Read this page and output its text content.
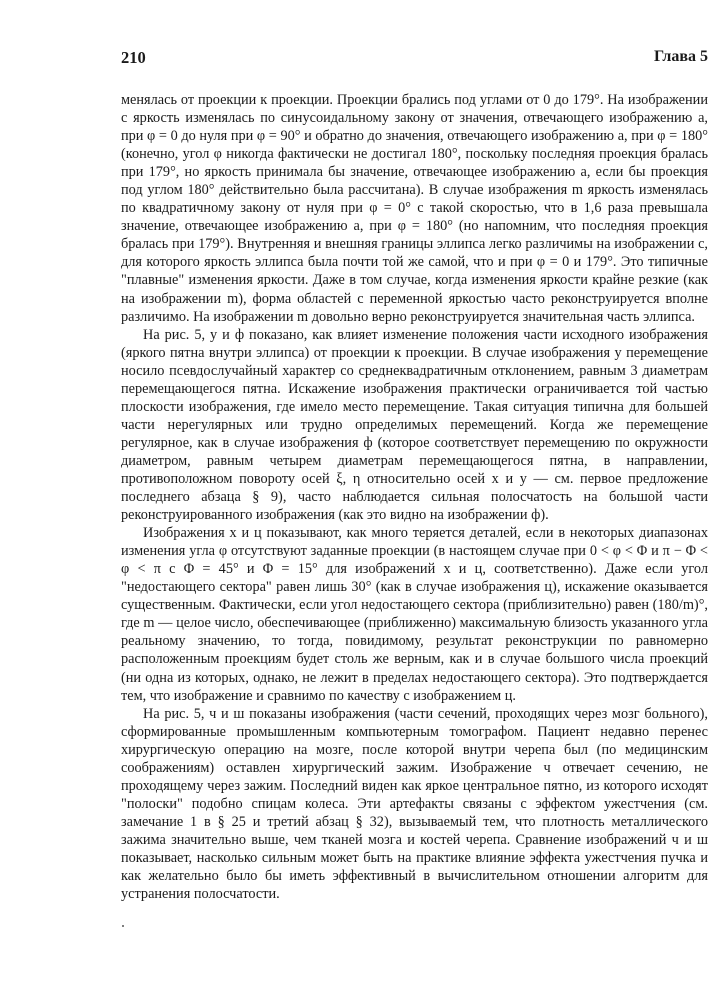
210	Глава 5

менялась от проекции к проекции. Проекции брались под углами от 0 до 179°. На изображении c яркость изменялась по синусоидальному закону от значения, отвечающего изображению a, при φ = 0 до нуля при φ = 90° и обратно до значения, отвечающего изображению a, при φ = 180° (конечно, угол φ никогда фактически не достигал 180°, поскольку последняя проекция бралась при 179°, но яркость принимала бы значение, отвечающее изображению a, если бы проекция под углом 180° действительно была рассчитана). В случае изображения m яркость изменялась по квадратичному закону от нуля при φ = 0° с такой скоростью, что в 1,6 раза превышала значение, отвечающее изображению a, при φ = 180° (но напомним, что последняя проекция бралась при 179°). Внутренняя и внешняя границы эллипса легко различимы на изображении c, для которого яркость эллипса была почти той же самой, что и при φ = 0 и 179°. Это типичные "плавные" изменения яркости. Даже в том случае, когда изменения яркости крайне резкие (как на изображении m), форма областей с переменной яркостью часто реконструируется вполне различимо. На изображении m довольно верно реконструируется значительная часть эллипса.

На рис. 5, y и ф показано, как влияет изменение положения части исходного изображения (яркого пятна внутри эллипса) от проекции к проекции. В случае изображения y перемещение носило псевдослучайный характер со среднеквадратичным отклонением, равным 3 диаметрам перемещающегося пятна. Искажение изображения практически ограничивается той частью плоскости изображения, где имело место перемещение. Такая ситуация типична для большей части нерегулярных или трудно определимых перемещений. Когда же перемещение регулярное, как в случае изображения ф (которое соответствует перемещению по окружности диаметром, равным четырем диаметрам перемещающегося пятна, в направлении, противоположном повороту осей ξ, η относительно осей x и y — см. первое предложение последнего абзаца § 9), часто наблюдается сильная полосчатость на большой части реконструированного изображения (как это видно на изображении ф).

Изображения x и ц показывают, как много теряется деталей, если в некоторых диапазонах изменения угла φ отсутствуют заданные проекции (в настоящем случае при 0 < φ < Φ и π − Φ < φ < π с Φ = 45° и Φ = 15° для изображений x и ц, соответственно). Даже если угол "недостающего сектора" равен лишь 30° (как в случае изображения ц), искажение оказывается существенным. Фактически, если угол недостающего сектора (приблизительно) равен (180/m)°, где m — целое число, обеспечивающее (приближенно) максимальную близость указанного угла реальному значению, то тогда, повидимому, результат реконструкции по равномерно расположенным проекциям будет столь же верным, как и в случае большого числа проекций (ни одна из которых, однако, не лежит в пределах недостающего сектора). Это подтверждается тем, что изображение и сравнимо по качеству с изображением ц.

На рис. 5, ч и ш показаны изображения (части сечений, проходящих через мозг больного), сформированные промышленным компьютерным томографом. Пациент недавно перенес хирургическую операцию на мозге, после которой внутри черепа был (по медицинским соображениям) оставлен хирургический зажим. Изображение ч отвечает сечению, не проходящему через зажим. Последний виден как яркое центральное пятно, из которого исходят "полоски" подобно спицам колеса. Эти артефакты связаны с эффектом ужестчения (см. замечание 1 в § 25 и третий абзац § 32), вызываемый тем, что плотность металлического зажима значительно выше, чем тканей мозга и костей черепа. Сравнение изображений ч и ш показывает, насколько сильным может быть на практике влияние эффекта ужестчения пучка и как желательно было бы иметь эффективный в вычислительном отношении алгоритм для устранения полосчатости.
